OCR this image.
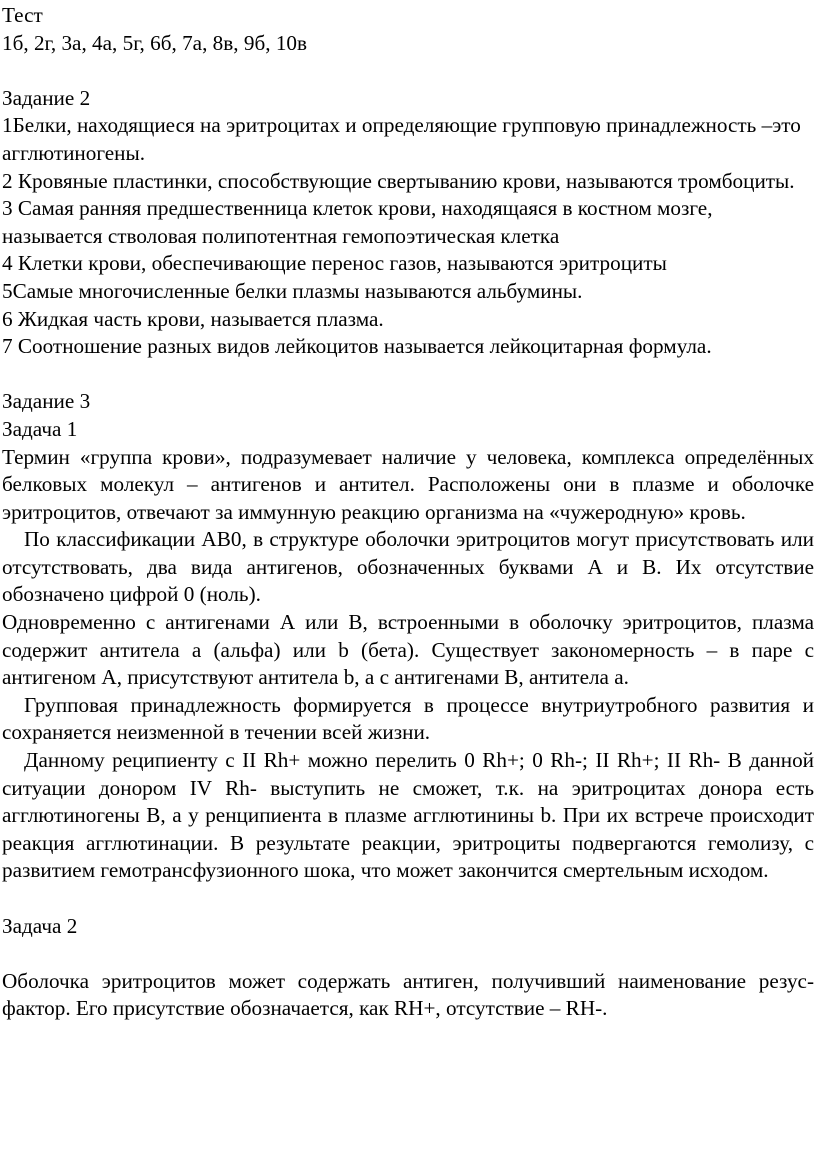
Тест

1б, 2г, 3а, 4а, 5г, 6б, 7а, 8в, 9б, 10в

Задание 2

1Белки, находящиеся на эритроцитах и определяющие групповую принадлежность –это агглютиногены.

2 Кровяные пластинки, способствующие свертыванию крови, называются тромбоциты.

3 Самая ранняя предшественница клеток крови, находящаяся в костном мозге, называется стволовая полипотентная гемопоэтическая клетка

4 Клетки крови, обеспечивающие перенос газов, называются эритроциты

5Самые многочисленные белки плазмы называются альбумины.

6 Жидкая часть крови, называется плазма.

7 Соотношение разных видов лейкоцитов называется лейкоцитарная формула.

Задание 3

Задача 1

Термин «группа крови», подразумевает наличие у человека, комплекса определённых белковых молекул – антигенов и антител. Расположены они в плазме и оболочке эритроцитов, отвечают за иммунную реакцию организма на «чужеродную» кровь.

По классификации АВ0, в структуре оболочки эритроцитов могут присутствовать или отсутствовать, два вида антигенов, обозначенных буквами А и В. Их отсутствие обозначено цифрой 0 (ноль).

Одновременно с антигенами А или В, встроенными в оболочку эритроцитов, плазма содержит антитела a (альфа) или b (бета). Существует закономерность – в паре с антигеном А, присутствуют антитела b, а с антигенами В, антитела a.

Групповая принадлежность формируется в процессе внутриутробного развития и сохраняется неизменной в течении всей жизни.

Данному реципиенту с II Rh+ можно перелить 0 Rh+; 0 Rh-; II Rh+; II Rh- В данной ситуации донором IV Rh- выступить не сможет, т.к. на эритроцитах донора есть агглютиногены В, а у ренципиента в плазме агглютинины b. При их встрече происходит реакция агглютинации. В результате реакции, эритроциты подвергаются гемолизу, с развитием гемотрансфузионного шока, что может закончится смертельным исходом.

Задача 2

Оболочка эритроцитов может содержать антиген, получивший наименование резус-фактор. Его присутствие обозначается, как RH+, отсутствие – RH-.
